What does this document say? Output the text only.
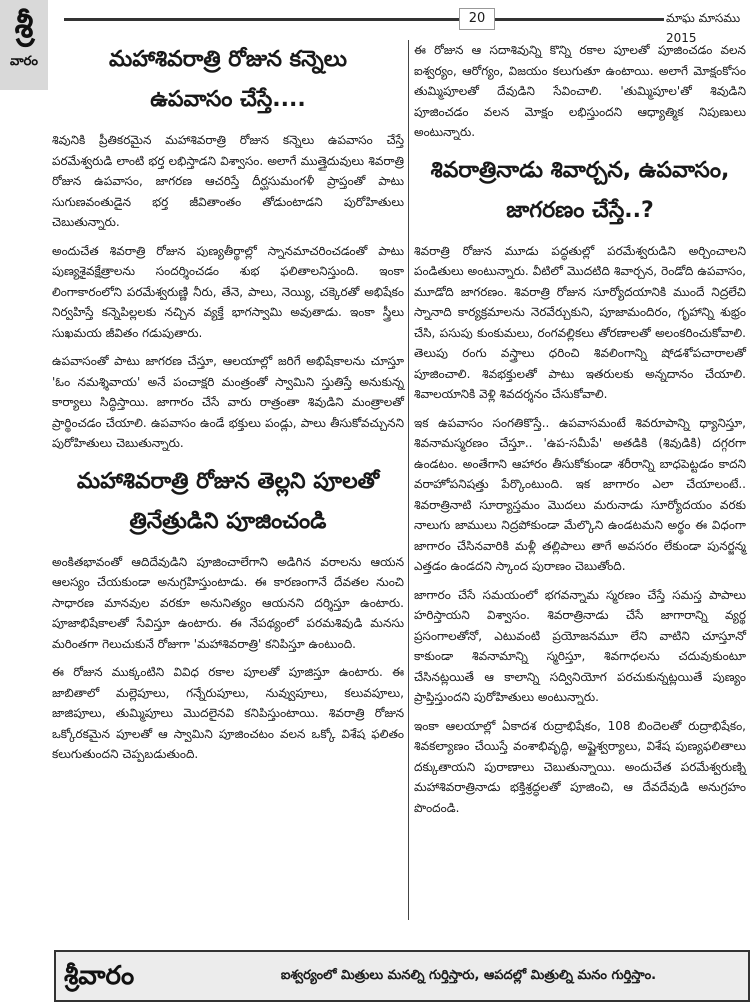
శ్రీ
వారం
20	మాఘ మాసము 2015

మహాశివరాత్రి రోజున కన్నెలు

ఉపవాసం చేస్తే....

శివునికి ప్రీతికరమైన మహాశివరాత్రి రోజున కన్నెలు ఉపవాసం చేస్తే పరమేశ్వరుడి లాంటి భర్త లభిస్తాడని విశ్వాసం. అలాగే ముత్తైదువులు శివరాత్రి రోజున ఉపవాసం, జాగరణ ఆచరిస్తే దీర్ఘసుమంగళీ ప్రాప్తంతో పాటు సుగుణవంతుడైన భర్త జీవితాంతం తోడుంటాడని పురోహితులు చెబుతున్నారు.

అందుచేత శివరాత్రి రోజున పుణ్యతీర్థాల్లో స్నానమాచరించడంతో పాటు పుణ్యశైవక్షేత్రాలను సందర్శించడం శుభ ఫలితాలనిస్తుంది. ఇంకా లింగాకారంలోని పరమేశ్వరుణ్ణి నీరు, తేనె, పాలు, నెయ్యి, చక్కెరతో అభిషేకం నిర్వహిస్తే కన్నెపిల్లలకు నచ్చిన వ్యక్తే భాగస్వామి అవుతాడు. ఇంకా స్త్రీలు సుఖమయ జీవితం గడుపుతారు.

ఉపవాసంతో పాటు జాగరణ చేస్తూ, ఆలయాల్లో జరిగే అభిషేకాలను చూస్తూ 'ఓం నమశ్శివాయ' అనే పంచాక్షరి మంత్రంతో స్వామిని స్తుతిస్తే అనుకున్న కార్యాలు సిద్ధిస్తాయి. జాగారం చేసే వారు రాత్రంతా శివుడిని మంత్రాలతో ప్రార్థించడం చేయాలి. ఉపవాసం ఉండే భక్తులు పండ్లు, పాలు తీసుకోవచ్చునని పురోహితులు చెబుతున్నారు.

మహాశివరాత్రి రోజున తెల్లని పూలతో

త్రినేత్రుడిని పూజించండి

అంకితభావంతో ఆదిదేవుడిని పూజించాలేగాని అడిగిన వరాలను ఆయన ఆలస్యం చేయకుండా అనుగ్రహిస్తుంటాడు. ఈ కారణంగానే దేవతల నుంచి సాధారణ మానవుల వరకూ అనునిత్యం ఆయనని దర్శిస్తూ ఉంటారు. పూజాభిషేకాలతో సేవిస్తూ ఉంటారు. ఈ నేపథ్యంలో పరమశివుడి మనసు మరింతగా గెలుచుకునే రోజుగా 'మహాశివరాత్రి' కనిపిస్తూ ఉంటుంది.

ఈ రోజున ముక్కంటిని వివిధ రకాల పూలతో పూజిస్తూ ఉంటారు. ఈ జాబితాలో మల్లెపూలు, గన్నేరుపూలు, నువ్వుపూలు, కలువపూలు, జాజిపూలు, తుమ్మిపూలు మొదలైనవి కనిపిస్తుంటాయి. శివరాత్రి రోజున ఒక్కోరకమైన పూలతో ఆ స్వామిని పూజించటం వలన ఒక్కో విశేష ఫలితం కలుగుతుందని చెప్పబడుతుంది.

ఈ రోజున ఆ సదాశివున్ని కొన్ని రకాల పూలతో పూజించడం వలన ఐశ్వర్యం, ఆరోగ్యం, విజయం కలుగుతూ ఉంటాయి. అలాగే మోక్షంకోసం తుమ్మిపూలతో దేవుడిని సేవించాలి. 'తుమ్మిపూల'తో శివుడిని పూజించడం వలన మోక్షం లభిస్తుందని ఆధ్యాత్మిక నిపుణులు అంటున్నారు.

శివరాత్రినాడు శివార్చన, ఉపవాసం,

జాగరణం చేస్తే..?

శివరాత్రి రోజున మూడు పద్ధతుల్లో పరమేశ్వరుడిని అర్చించాలని పండితులు అంటున్నారు. వీటిలో మొదటిది శివార్చన, రెండోది ఉపవాసం, మూడోది జాగరణం. శివరాత్రి రోజున సూర్యోదయానికి ముందే నిద్రలేచి స్నానాది కార్యక్రమాలను నెరవేర్చుకుని, పూజామందిరం, గృహాన్ని శుభ్రం చేసి, పసుపు కుంకుమలు, రంగవల్లికలు తోరణాలతో అలంకరించుకోవాలి. తెలుపు రంగు వస్త్రాలు ధరించి శివలింగాన్ని షోడశోపచారాలతో పూజించాలి. శివభక్తులతో పాటు ఇతరులకు అన్నదానం చేయాలి. శివాలయానికి వెళ్లి శివదర్శనం చేసుకోవాలి.

ఇక ఉపవాసం సంగతికొస్తే.. ఉపవాసమంటే శివరూపాన్ని ధ్యానిస్తూ, శివనామస్మరణం చేస్తూ.. 'ఉప-సమీపే' అతడికి (శివుడికి) దగ్గరగా ఉండటం. అంతేగాని ఆహారం తీసుకోకుండా శరీరాన్ని బాధపెట్టడం కాదని వరాహోపనిషత్తు పేర్కొంటుంది. ఇక జాగారం ఎలా చేయాలంటే.. శివరాత్రినాటి సూర్యాస్తమం మొదలు మరునాడు సూర్యోదయం వరకు నాలుగు జాములు నిద్రపోకుండా మేల్కొని ఉండటమని అర్థం ఈ విధంగా జాగారం చేసినవారికి మళ్లీ తల్లిపాలు తాగే అవసరం లేకుండా పునర్జన్మ ఎత్తడం ఉండదని స్కాంద పురాణం చెబుతోంది.

జాగారం చేసే సమయంలో భగవన్నామ స్మరణం చేస్తే సమస్త పాపాలు హరిస్తాయని విశ్వాసం. శివరాత్రినాడు చేసే జాగారాన్ని వ్యర్థ ప్రసంగాలతోనో, ఎటువంటి ప్రయోజనమూ లేని వాటిని చూస్తూనో కాకుండా శివనామాన్ని స్మరిస్తూ, శివగాధలను చదువుకుంటూ చేసినట్లయితే ఆ కాలాన్ని సద్వినియోగ పరచుకున్నట్లయితే పుణ్యం ప్రాప్తిస్తుందని పురోహితులు అంటున్నారు.

ఇంకా ఆలయాల్లో ఏకాదశ రుద్రాభిషేకం, 108 బిందెలతో రుద్రాభిషేకం, శివకల్యాణం చేయిస్తే వంశాభివృద్ధి, అష్టైశ్వర్యాలు, విశేష పుణ్యఫలితాలు దక్కుతాయని పురాణాలు చెబుతున్నాయి. అందుచేత పరమేశ్వరుణ్ని మహాశివరాత్రినాడు భక్తిశ్రద్ధలతో పూజించి, ఆ దేవదేవుడి అనుగ్రహం పొందండి.

శ్రీవారం	ఐశ్వర్యంలో మిత్రులు మనల్ని గుర్తిస్తారు, ఆపదల్లో మిత్రుల్ని మనం గుర్తిస్తాం.
